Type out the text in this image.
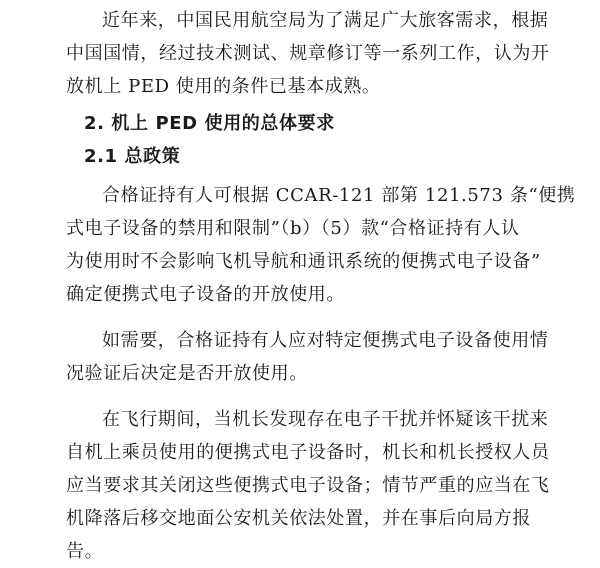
近年来，中国民用航空局为了满足广大旅客需求，根据
中国国情，经过技术测试、规章修订等一系列工作，认为开
放机上 PED 使用的条件已基本成熟。
2. 机上 PED 使用的总体要求
2.1 总政策
合格证持有人可根据 CCAR-121 部第 121.573 条“便携
式电子设备的禁用和限制”（b）（5）款“合格证持有人认
为使用时不会影响飞机导航和通讯系统的便携式电子设备”
确定便携式电子设备的开放使用。
如需要，合格证持有人应对特定便携式电子设备使用情
况验证后决定是否开放使用。
在飞行期间，当机长发现存在电子干扰并怀疑该干扰来
自机上乘员使用的便携式电子设备时，机长和机长授权人员
应当要求其关闭这些便携式电子设备；情节严重的应当在飞
机降落后移交地面公安机关依法处置，并在事后向局方报
告。
